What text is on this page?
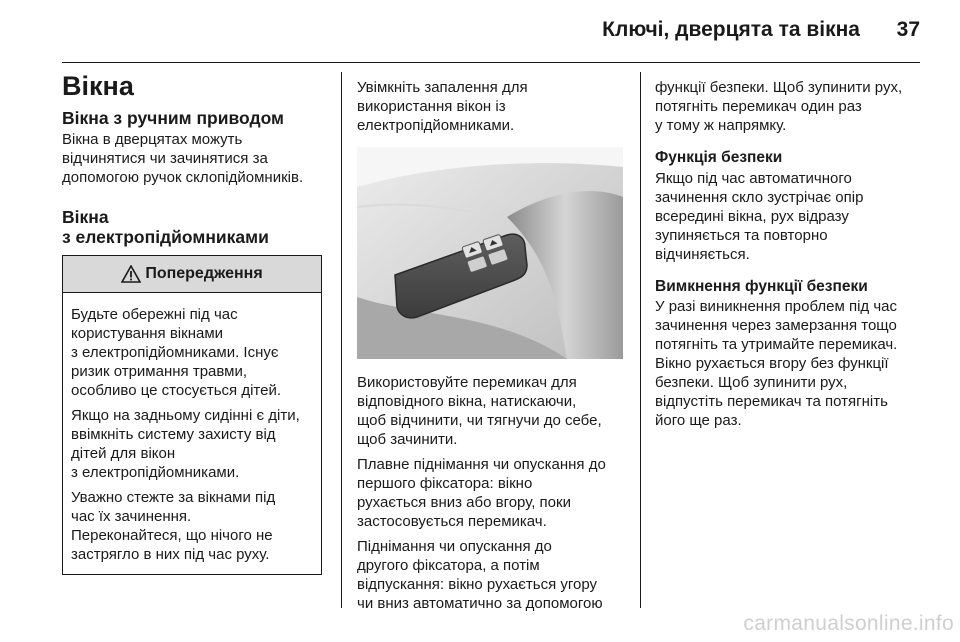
Ключі, дверцята та вікна	37
Вікна
Вікна з ручним приводом
Вікна в дверцятах можуть
відчинятися чи зачинятися за
допомогою ручок склопідйомників.
Вікна
з електропідйомниками
Попередження
Будьте обережні під час
користування вікнами
з електропідйомниками. Існує
ризик отримання травми,
особливо це стосується дітей.
Якщо на задньому сидінні є діти,
ввімкніть систему захисту від
дітей для вікон
з електропідйомниками.
Уважно стежте за вікнами під
час їх зачинення.
Переконайтеся, що нічого не
застрягло в них під час руху.
Увімкніть запалення для
використання вікон із
електропідйомниками.
Використовуйте перемикач для
відповідного вікна, натискаючи,
щоб відчинити, чи тягнучи до себе,
щоб зачинити.
Плавне піднімання чи опускання до
першого фіксатора: вікно
рухається вниз або вгору, поки
застосовується перемикач.
Піднімання чи опускання до
другого фіксатора, а потім
відпускання: вікно рухається угору
чи вниз автоматично за допомогою
функції безпеки. Щоб зупинити рух,
потягніть перемикач один раз
у тому ж напрямку.
Функція безпеки
Якщо під час автоматичного
зачинення скло зустрічає опір
всередині вікна, рух відразу
зупиняється та повторно
відчиняється.
Вимкнення функції безпеки
У разі виникнення проблем під час
зачинення через замерзання тощо
потягніть та утримайте перемикач.
Вікно рухається вгору без функції
безпеки. Щоб зупинити рух,
відпустіть перемикач та потягніть
його ще раз.
carmanualsonline.info
